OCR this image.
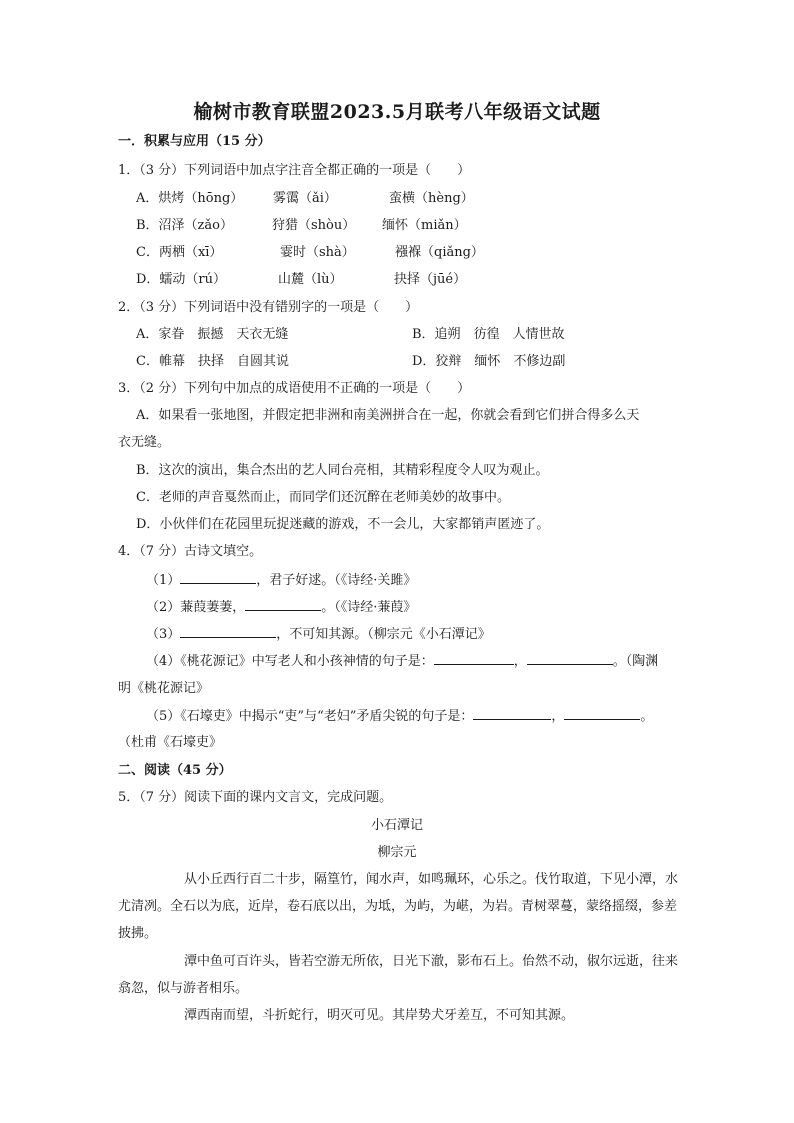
榆树市教育联盟2023.5月联考八年级语文试题
一．积累与应用（15 分）
1．（3 分）下列词语中加点字注音全都正确的一项是（　　）
A．烘烤（hōng） 雾霭（ǎi）	蛮横（hèng）
B．沼泽（zǎo）	狩猎（shòu） 缅怀（miǎn）
C．两栖（xī）	霎时（shà）	襁褓（qiǎng）
D．蠕动（rú）	山麓（lù）	抉择（jūé）
2．（3 分）下列词语中没有错别字的一项是（　　）
A．家眷　振撼　天衣无缝	B．追朔　彷徨　人情世故
C．帷幕　抉择　自圆其说	D．狡辩　缅怀　不修边副
3．（2 分）下列句中加点的成语使用不正确的一项是（　　）
A．如果看一张地图，并假定把非洲和南美洲拼合在一起，你就会看到它们拼合得多么天
衣无缝。
B．这次的演出，集合杰出的艺人同台亮相，其精彩程度令人叹为观止。
C．老师的声音戛然而止，而同学们还沉醉在老师美妙的故事中。
D．小伙伴们在花园里玩捉迷藏的游戏，不一会儿，大家都销声匿迹了。
4．（7 分）古诗文填空。
（1）	，君子好逑。（《诗经·关雎》
（2）蒹葭萋萋，	。（《诗经·蒹葭》
（3）	，不可知其源。（柳宗元《小石潭记》
（4）《桃花源记》中写老人和小孩神情的句子是：	，	。（陶渊
明《桃花源记》
（5）《石壕吏》中揭示“吏”与“老妇”矛盾尖锐的句子是：	，	。
（杜甫《石壕吏》
二、阅读（45 分）
5．（7 分）阅读下面的课内文言文，完成问题。
小石潭记
柳宗元
从小丘西行百二十步，隔篁竹，闻水声，如鸣珮环，心乐之。伐竹取道，下见小潭，水尤清冽。全石以为底，近岸，卷石底以出，为坻，为屿，为嵁，为岩。青树翠蔓，蒙络摇缀，参差披拂。
潭中鱼可百许头，皆若空游无所依，日光下澈，影布石上。佁然不动，俶尔远逝，往来翕忽，似与游者相乐。
潭西南而望，斗折蛇行，明灭可见。其岸势犬牙差互，不可知其源。
